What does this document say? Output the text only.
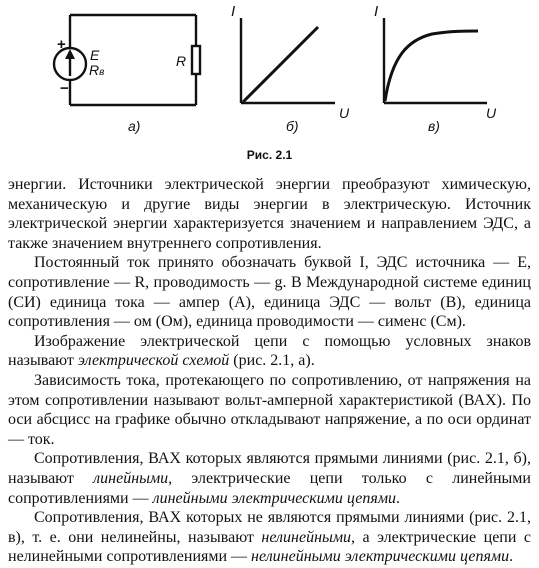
+
−
E
Rв
R
а)
I
U
б)
I
U
в)
Рис. 2.1

энергии. Источники электрической энергии преобразуют химическую, механическую и другие виды энергии в электрическую. Источник электрической энергии характеризуется значением и направлением ЭДС, а также значением внутреннего сопротивления.

Постоянный ток принято обозначать буквой I, ЭДС источника — E, сопротивление — R, проводимость — g. В Международной системе единиц (СИ) единица тока — ампер (А), единица ЭДС — вольт (В), единица сопротивления — ом (Ом), единица проводимости — сименс (См).

Изображение электрической цепи с помощью условных знаков называют электрической схемой (рис. 2.1, а).

Зависимость тока, протекающего по сопротивлению, от напряжения на этом сопротивлении называют вольт-амперной характеристикой (ВАХ). По оси абсцисс на графике обычно откладывают напряжение, а по оси ординат — ток.

Сопротивления, ВАХ которых являются прямыми линиями (рис. 2.1, б), называют линейными, электрические цепи только с линейными сопротивлениями — линейными электрическими цепями.

Сопротивления, ВАХ которых не являются прямыми линиями (рис. 2.1, в), т. е. они нелинейны, называют нелинейными, а электрические цепи с нелинейными сопротивлениями — нелинейными электрическими цепями.
